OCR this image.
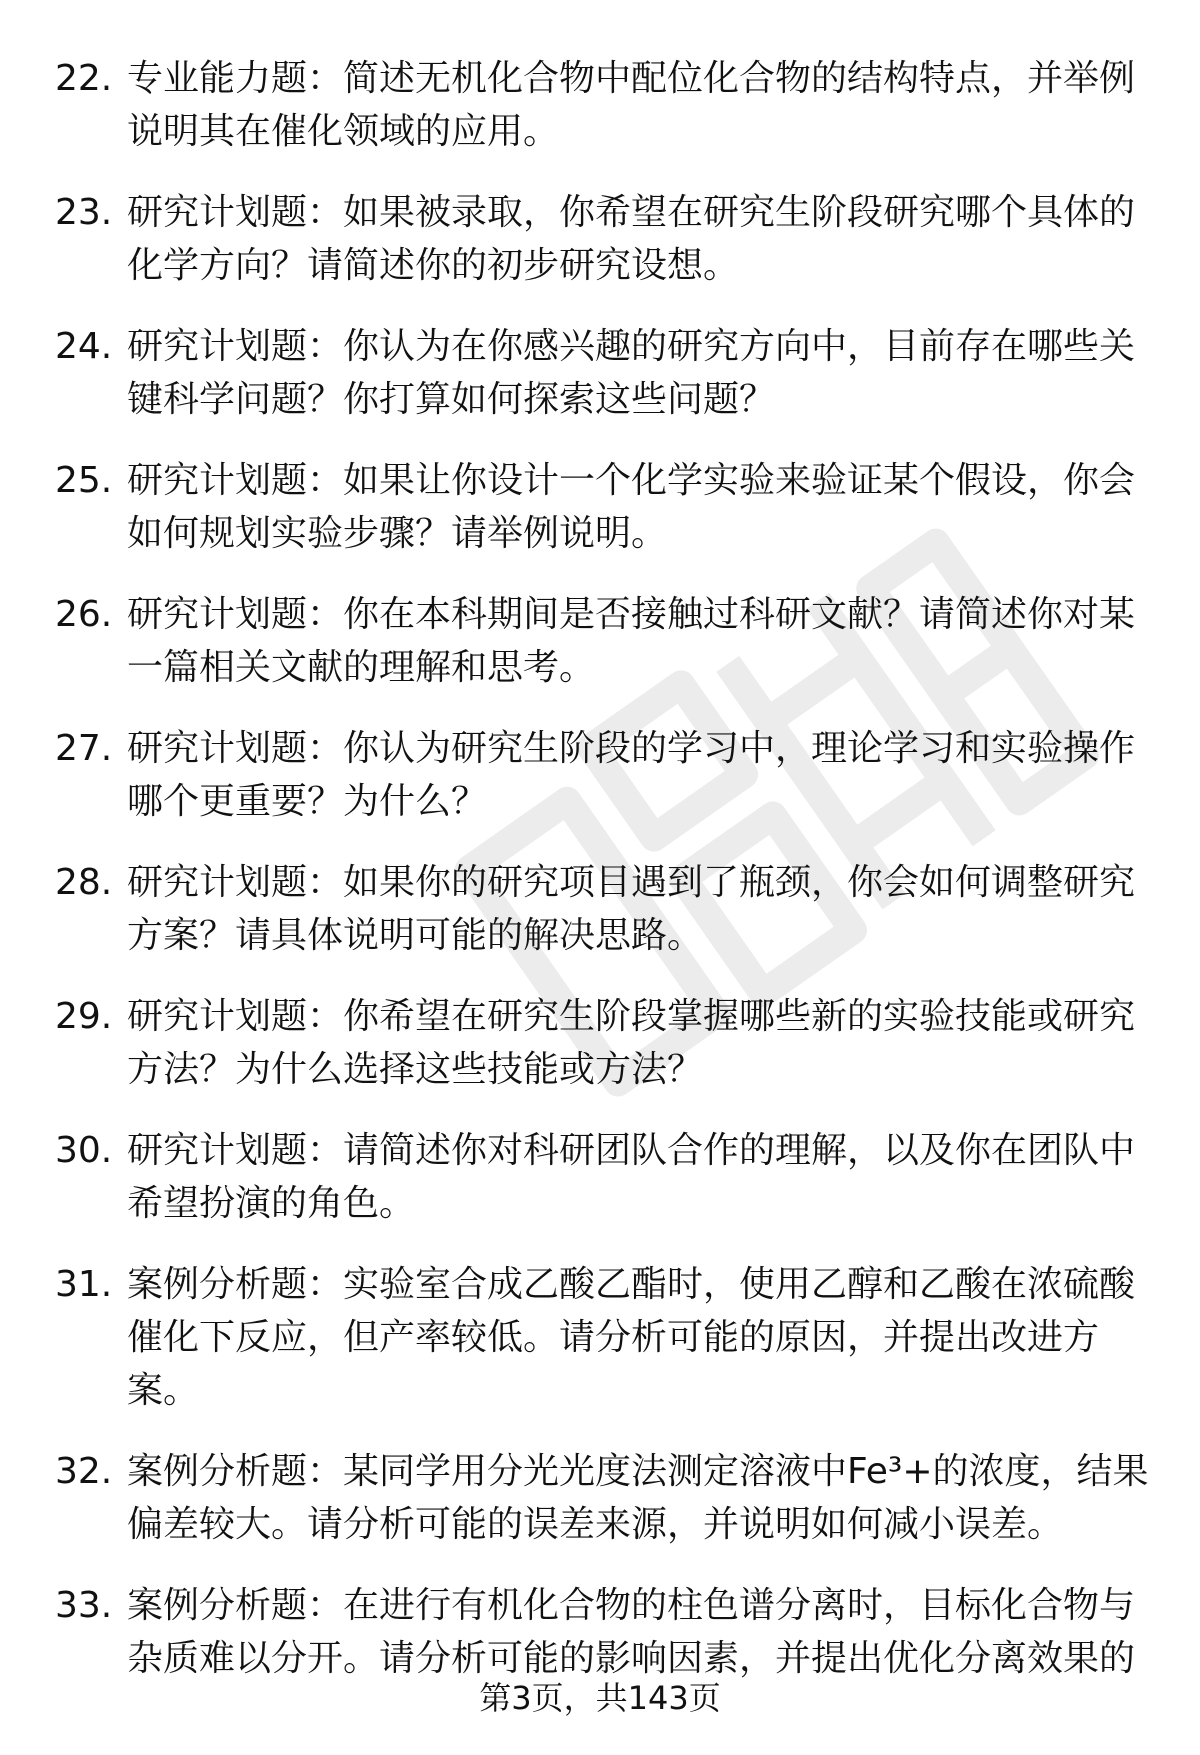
22. 专业能力题：简述无机化合物中配位化合物的结构特点，并举例说明其在催化领域的应用。
23. 研究计划题：如果被录取，你希望在研究生阶段研究哪个具体的化学方向？请简述你的初步研究设想。
24. 研究计划题：你认为在你感兴趣的研究方向中，目前存在哪些关键科学问题？你打算如何探索这些问题？
25. 研究计划题：如果让你设计一个化学实验来验证某个假设，你会如何规划实验步骤？请举例说明。
26. 研究计划题：你在本科期间是否接触过科研文献？请简述你对某一篇相关文献的理解和思考。
27. 研究计划题：你认为研究生阶段的学习中，理论学习和实验操作哪个更重要？为什么？
28. 研究计划题：如果你的研究项目遇到了瓶颈，你会如何调整研究方案？请具体说明可能的解决思路。
29. 研究计划题：你希望在研究生阶段掌握哪些新的实验技能或研究方法？为什么选择这些技能或方法？
30. 研究计划题：请简述你对科研团队合作的理解，以及你在团队中希望扮演的角色。
31. 案例分析题：实验室合成乙酸乙酯时，使用乙醇和乙酸在浓硫酸催化下反应，但产率较低。请分析可能的原因，并提出改进方案。
32. 案例分析题：某同学用分光光度法测定溶液中Fe³+的浓度，结果偏差较大。请分析可能的误差来源，并说明如何减小误差。
33. 案例分析题：在进行有机化合物的柱色谱分离时，目标化合物与杂质难以分开。请分析可能的影响因素，并提出优化分离效果的
第3页，共143页
